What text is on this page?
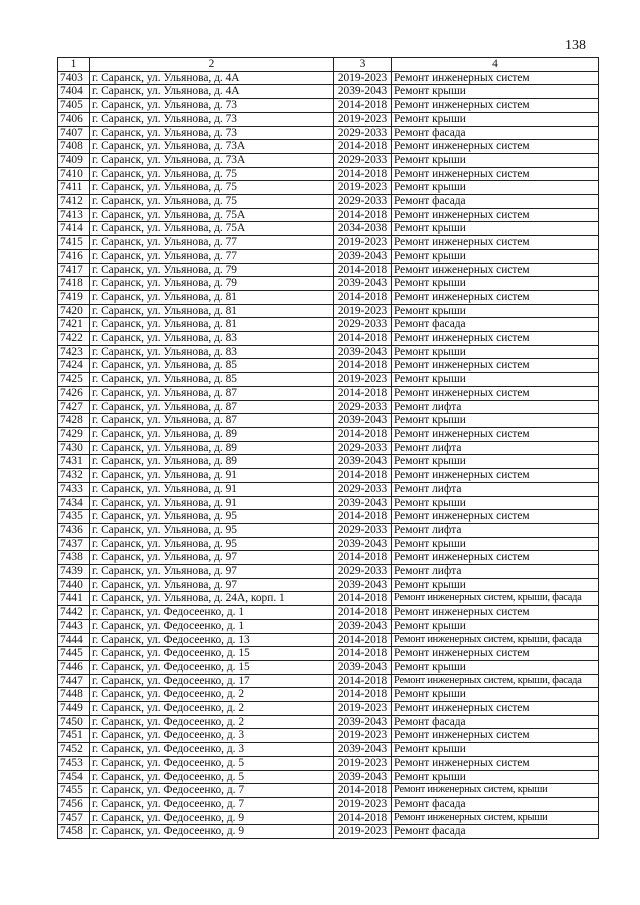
138
1	2	3	4
7403	г. Саранск, ул. Ульянова, д. 4А	2019-2023	Ремонт инженерных систем
7404	г. Саранск, ул. Ульянова, д. 4А	2039-2043	Ремонт крыши
7405	г. Саранск, ул. Ульянова, д. 73	2014-2018	Ремонт инженерных систем
7406	г. Саранск, ул. Ульянова, д. 73	2019-2023	Ремонт крыши
7407	г. Саранск, ул. Ульянова, д. 73	2029-2033	Ремонт фасада
7408	г. Саранск, ул. Ульянова, д. 73А	2014-2018	Ремонт инженерных систем
7409	г. Саранск, ул. Ульянова, д. 73А	2029-2033	Ремонт крыши
7410	г. Саранск, ул. Ульянова, д. 75	2014-2018	Ремонт инженерных систем
7411	г. Саранск, ул. Ульянова, д. 75	2019-2023	Ремонт крыши
7412	г. Саранск, ул. Ульянова, д. 75	2029-2033	Ремонт фасада
7413	г. Саранск, ул. Ульянова, д. 75А	2014-2018	Ремонт инженерных систем
7414	г. Саранск, ул. Ульянова, д. 75А	2034-2038	Ремонт крыши
7415	г. Саранск, ул. Ульянова, д. 77	2019-2023	Ремонт инженерных систем
7416	г. Саранск, ул. Ульянова, д. 77	2039-2043	Ремонт крыши
7417	г. Саранск, ул. Ульянова, д. 79	2014-2018	Ремонт инженерных систем
7418	г. Саранск, ул. Ульянова, д. 79	2039-2043	Ремонт крыши
7419	г. Саранск, ул. Ульянова, д. 81	2014-2018	Ремонт инженерных систем
7420	г. Саранск, ул. Ульянова, д. 81	2019-2023	Ремонт крыши
7421	г. Саранск, ул. Ульянова, д. 81	2029-2033	Ремонт фасада
7422	г. Саранск, ул. Ульянова, д. 83	2014-2018	Ремонт инженерных систем
7423	г. Саранск, ул. Ульянова, д. 83	2039-2043	Ремонт крыши
7424	г. Саранск, ул. Ульянова, д. 85	2014-2018	Ремонт инженерных систем
7425	г. Саранск, ул. Ульянова, д. 85	2019-2023	Ремонт крыши
7426	г. Саранск, ул. Ульянова, д. 87	2014-2018	Ремонт инженерных систем
7427	г. Саранск, ул. Ульянова, д. 87	2029-2033	Ремонт лифта
7428	г. Саранск, ул. Ульянова, д. 87	2039-2043	Ремонт крыши
7429	г. Саранск, ул. Ульянова, д. 89	2014-2018	Ремонт инженерных систем
7430	г. Саранск, ул. Ульянова, д. 89	2029-2033	Ремонт лифта
7431	г. Саранск, ул. Ульянова, д. 89	2039-2043	Ремонт крыши
7432	г. Саранск, ул. Ульянова, д. 91	2014-2018	Ремонт инженерных систем
7433	г. Саранск, ул. Ульянова, д. 91	2029-2033	Ремонт лифта
7434	г. Саранск, ул. Ульянова, д. 91	2039-2043	Ремонт крыши
7435	г. Саранск, ул. Ульянова, д. 95	2014-2018	Ремонт инженерных систем
7436	г. Саранск, ул. Ульянова, д. 95	2029-2033	Ремонт лифта
7437	г. Саранск, ул. Ульянова, д. 95	2039-2043	Ремонт крыши
7438	г. Саранск, ул. Ульянова, д. 97	2014-2018	Ремонт инженерных систем
7439	г. Саранск, ул. Ульянова, д. 97	2029-2033	Ремонт лифта
7440	г. Саранск, ул. Ульянова, д. 97	2039-2043	Ремонт крыши
7441	г. Саранск, ул. Ульянова, д. 24А, корп. 1	2014-2018	Ремонт инженерных систем, крыши, фасада
7442	г. Саранск, ул. Федосеенко, д. 1	2014-2018	Ремонт инженерных систем
7443	г. Саранск, ул. Федосеенко, д. 1	2039-2043	Ремонт крыши
7444	г. Саранск, ул. Федосеенко, д. 13	2014-2018	Ремонт инженерных систем, крыши, фасада
7445	г. Саранск, ул. Федосеенко, д. 15	2014-2018	Ремонт инженерных систем
7446	г. Саранск, ул. Федосеенко, д. 15	2039-2043	Ремонт крыши
7447	г. Саранск, ул. Федосеенко, д. 17	2014-2018	Ремонт инженерных систем, крыши, фасада
7448	г. Саранск, ул. Федосеенко, д. 2	2014-2018	Ремонт крыши
7449	г. Саранск, ул. Федосеенко, д. 2	2019-2023	Ремонт инженерных систем
7450	г. Саранск, ул. Федосеенко, д. 2	2039-2043	Ремонт фасада
7451	г. Саранск, ул. Федосеенко, д. 3	2019-2023	Ремонт инженерных систем
7452	г. Саранск, ул. Федосеенко, д. 3	2039-2043	Ремонт крыши
7453	г. Саранск, ул. Федосеенко, д. 5	2019-2023	Ремонт инженерных систем
7454	г. Саранск, ул. Федосеенко, д. 5	2039-2043	Ремонт крыши
7455	г. Саранск, ул. Федосеенко, д. 7	2014-2018	Ремонт инженерных систем, крыши
7456	г. Саранск, ул. Федосеенко, д. 7	2019-2023	Ремонт фасада
7457	г. Саранск, ул. Федосеенко, д. 9	2014-2018	Ремонт инженерных систем, крыши
7458	г. Саранск, ул. Федосеенко, д. 9	2019-2023	Ремонт фасада
